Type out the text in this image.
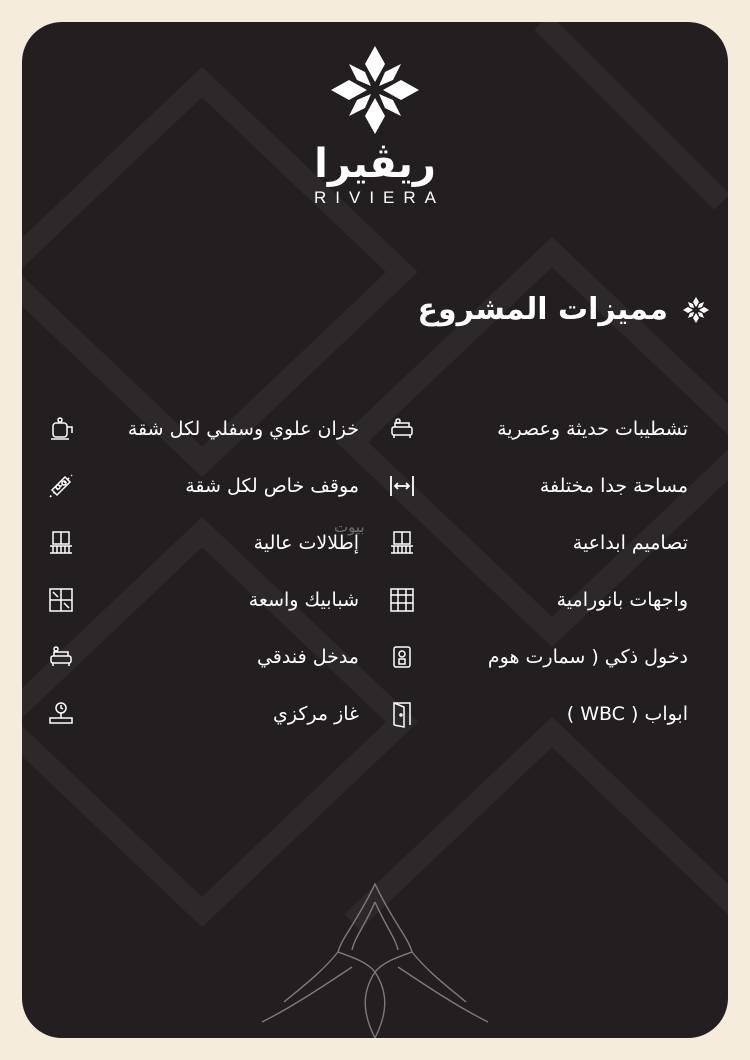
ريڤيرا
RIVIERA
مميزات المشروع
تشطيبات حديثة وعصرية
مساحة جدا مختلفة
تصاميم ابداعية
واجهات بانورامية
دخول ذكي ( سمارت هوم
ابواب ( WBC )
خزان علوي وسفلي لكل شقة
موقف خاص لكل شقة
إطلالات عالية
شبابيك واسعة
مدخل فندقي
غاز مركزي
بيوت
